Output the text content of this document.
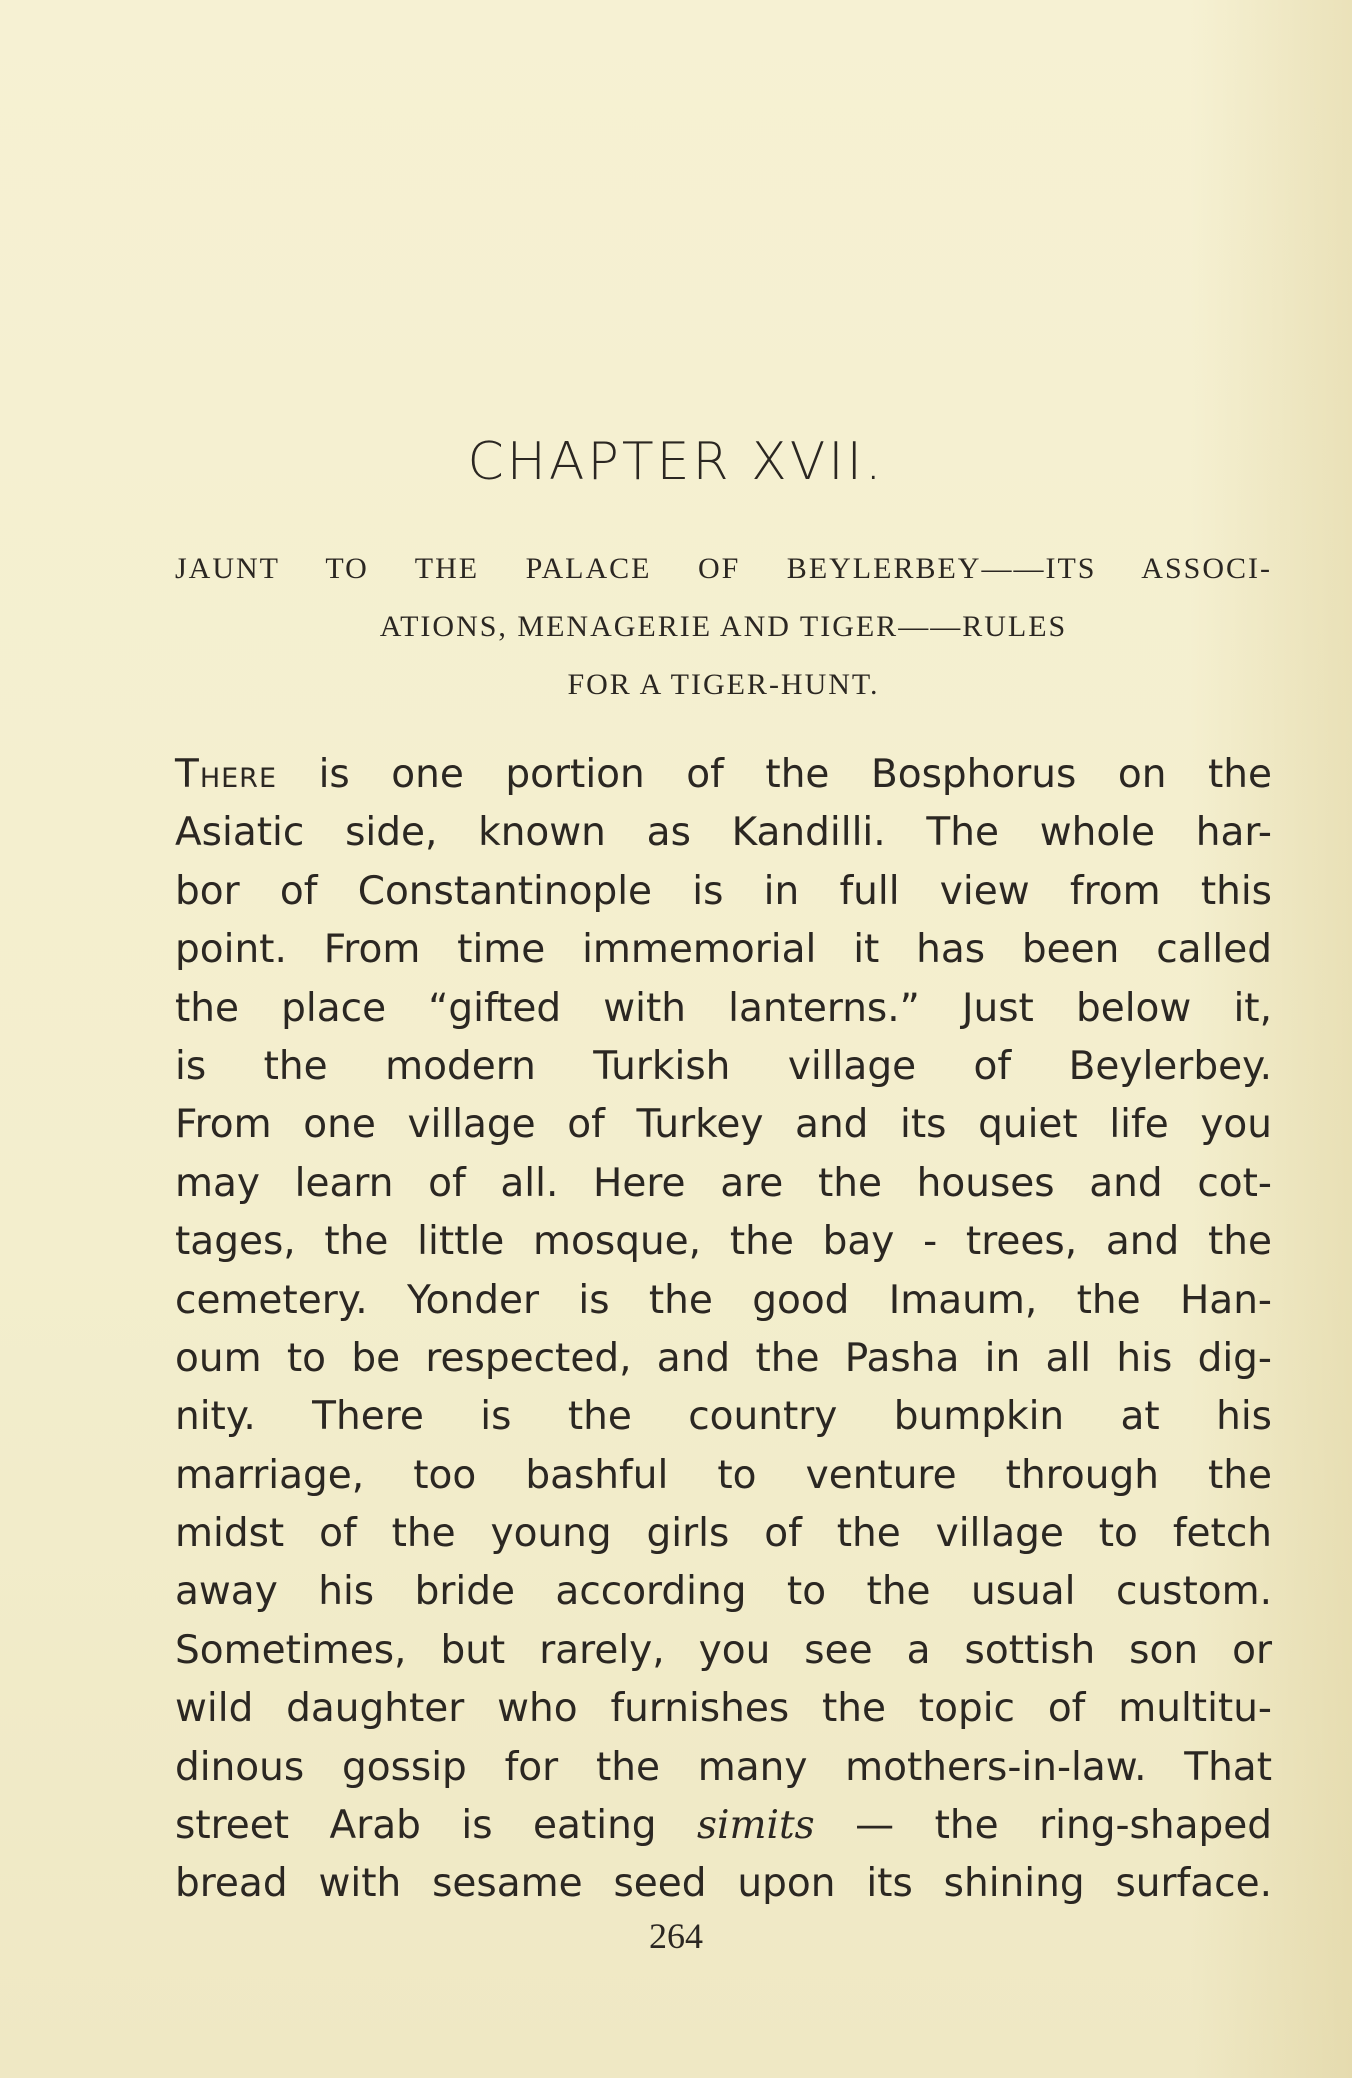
CHAPTER XVII.
JAUNT TO THE PALACE OF BEYLERBEY——ITS ASSOCI-
ATIONS, MENAGERIE AND TIGER——RULES
FOR A TIGER-HUNT.
There is one portion of the Bosphorus on the
Asiatic side, known as Kandilli. The whole har-
bor of Constantinople is in full view from this
point. From time immemorial it has been called
the place “gifted with lanterns.” Just below it,
is the modern Turkish village of Beylerbey.
From one village of Turkey and its quiet life you
may learn of all. Here are the houses and cot-
tages, the little mosque, the bay - trees, and the
cemetery. Yonder is the good Imaum, the Han-
oum to be respected, and the Pasha in all his dig-
nity. There is the country bumpkin at his
marriage, too bashful to venture through the
midst of the young girls of the village to fetch
away his bride according to the usual custom.
Sometimes, but rarely, you see a sottish son or
wild daughter who furnishes the topic of multitu-
dinous gossip for the many mothers-in-law. That
street Arab is eating simits — the ring-shaped
bread with sesame seed upon its shining surface.
264
